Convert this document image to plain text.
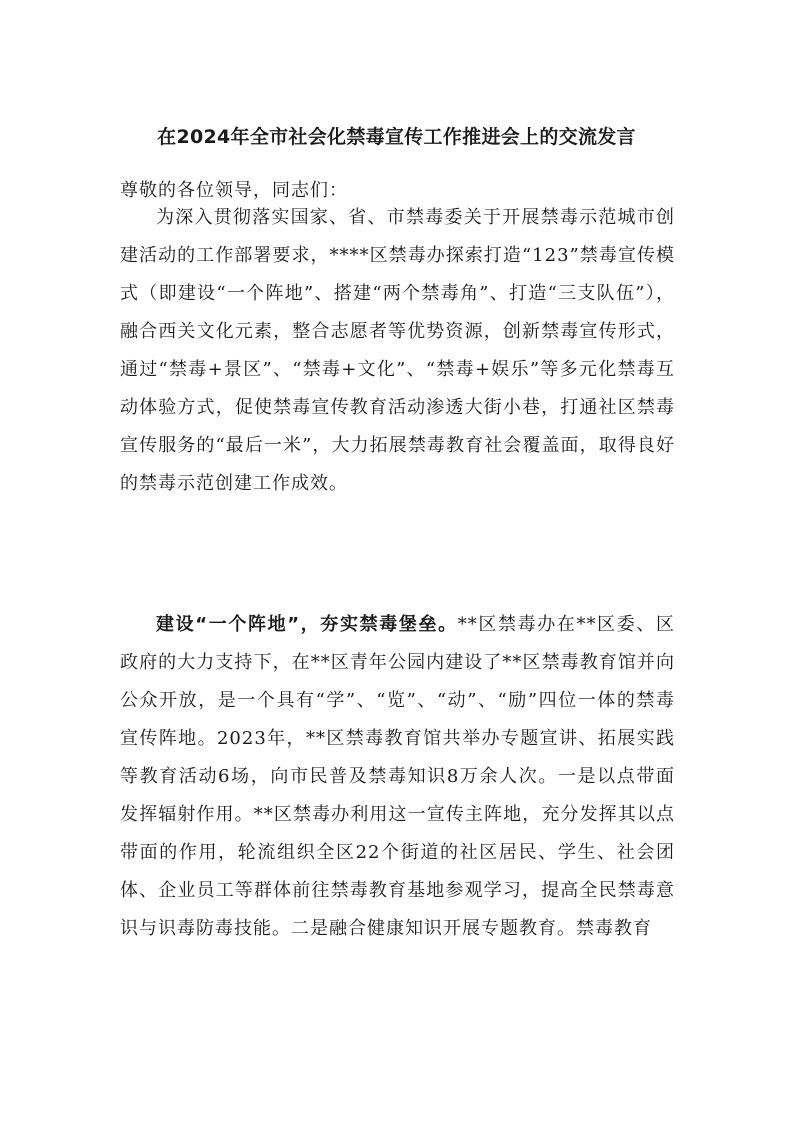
在2024年全市社会化禁毒宣传工作推进会上的交流发言

尊敬的各位领导，同志们：

为深入贯彻落实国家、省、市禁毒委关于开展禁毒示范城市创建活动的工作部署要求，****区禁毒办探索打造“123”禁毒宣传模式（即建设“一个阵地”、搭建“两个禁毒角”、打造“三支队伍”），融合西关文化元素，整合志愿者等优势资源，创新禁毒宣传形式，通过“禁毒+景区”、“禁毒+文化”、“禁毒+娱乐”等多元化禁毒互动体验方式，促使禁毒宣传教育活动渗透大街小巷，打通社区禁毒宣传服务的“最后一米”，大力拓展禁毒教育社会覆盖面，取得良好的禁毒示范创建工作成效。

建设“一个阵地”，夯实禁毒堡垒。**区禁毒办在**区委、区政府的大力支持下，在**区青年公园内建设了**区禁毒教育馆并向公众开放，是一个具有“学”、“览”、“动”、“励”四位一体的禁毒宣传阵地。2023年，**区禁毒教育馆共举办专题宣讲、拓展实践等教育活动6场，向市民普及禁毒知识8万余人次。一是以点带面发挥辐射作用。**区禁毒办利用这一宣传主阵地，充分发挥其以点带面的作用，轮流组织全区22个街道的社区居民、学生、社会团体、企业员工等群体前往禁毒教育基地参观学习，提高全民禁毒意识与识毒防毒技能。二是融合健康知识开展专题教育。禁毒教育
